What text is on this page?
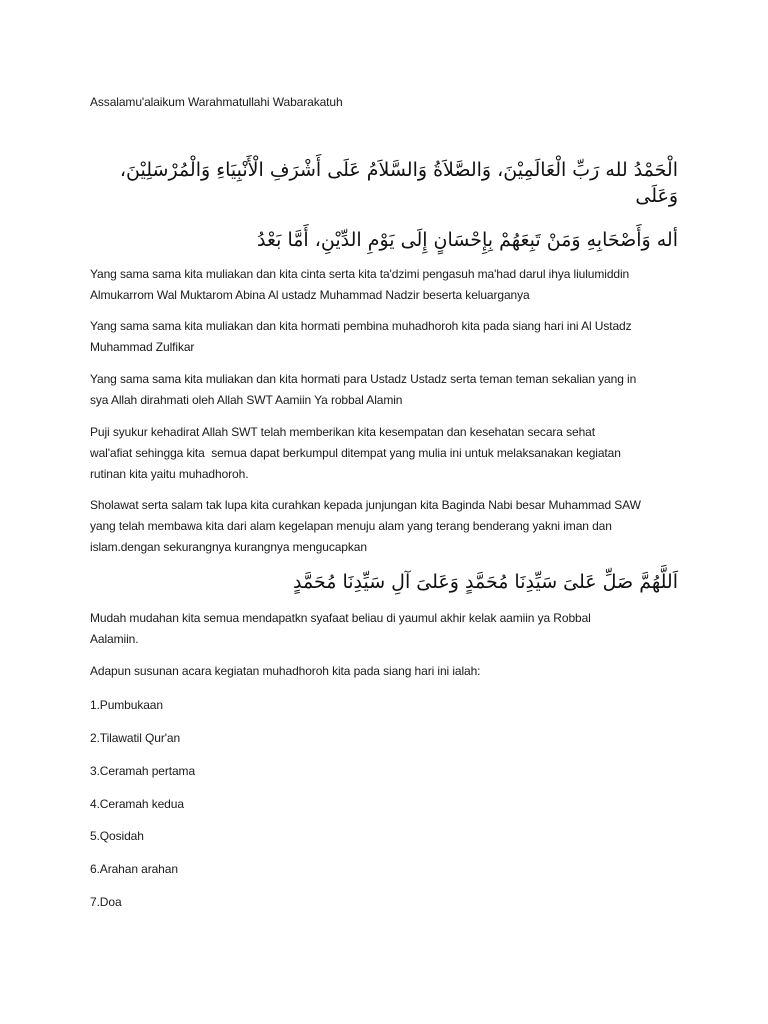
Assalamu'alaikum Warahmatullahi Wabarakatuh
الْحَمْدُ لله رَبِّ الْعَالَمِيْنَ، وَالصَّلاَةُ وَالسَّلاَمُ عَلَى أَشْرَفِ الْأَنْبِيَاءِ وَالْمُرْسَلِيْنَ،
وَعَلَى
أله وَأَصْحَابِهِ وَمَنْ تَبِعَهُمْ بِإِحْسَانٍ إِلَى يَوْمِ الدِّيْنِ، أَمَّا بَعْدُ
Yang sama sama kita muliakan dan kita cinta serta kita ta'dzimi pengasuh ma'had darul ihya liulumiddin
Almukarrom Wal Muktarom Abina Al ustadz Muhammad Nadzir beserta keluarganya
Yang sama sama kita muliakan dan kita hormati pembina muhadhoroh kita pada siang hari ini Al Ustadz
Muhammad Zulfikar
Yang sama sama kita muliakan dan kita hormati para Ustadz Ustadz serta teman teman sekalian yang in
sya Allah dirahmati oleh Allah SWT Aamiin Ya robbal Alamin
Puji syukur kehadirat Allah SWT telah memberikan kita kesempatan dan kesehatan secara sehat
wal'afiat sehingga kita  semua dapat berkumpul ditempat yang mulia ini untuk melaksanakan kegiatan
rutinan kita yaitu muhadhoroh.
Sholawat serta salam tak lupa kita curahkan kepada junjungan kita Baginda Nabi besar Muhammad SAW
yang telah membawa kita dari alam kegelapan menuju alam yang terang benderang yakni iman dan
islam.dengan sekurangnya kurangnya mengucapkan
اَللَّهُمَّ صَلِّ عَلىَ سَيِّدِنَا مُحَمَّدٍ وَعَلىَ آلِ سَيِّدِنَا مُحَمَّدٍ
Mudah mudahan kita semua mendapatkn syafaat beliau di yaumul akhir kelak aamiin ya Robbal
Aalamiin.
Adapun susunan acara kegiatan muhadhoroh kita pada siang hari ini ialah:
1.Pumbukaan
2.Tilawatil Qur'an
3.Ceramah pertama
4.Ceramah kedua
5.Qosidah
6.Arahan arahan
7.Doa
